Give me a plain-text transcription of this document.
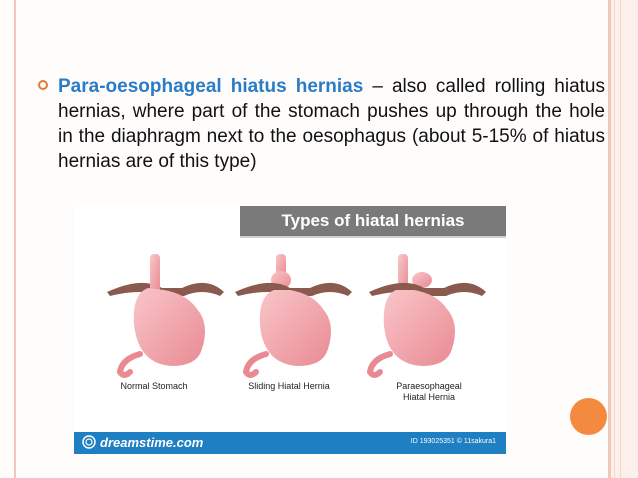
Para-oesophageal hiatus hernias – also called rolling hiatus hernias, where part of the stomach pushes up through the hole in the diaphragm next to the oesophagus (about 5-15% of hiatus hernias are of this type)
Types of hiatal hernias
Normal Stomach	Sliding Hiatal Hernia	Paraesophageal
Hiatal Hernia
dreamstime.com	ID 193025351 © 11sakura1
